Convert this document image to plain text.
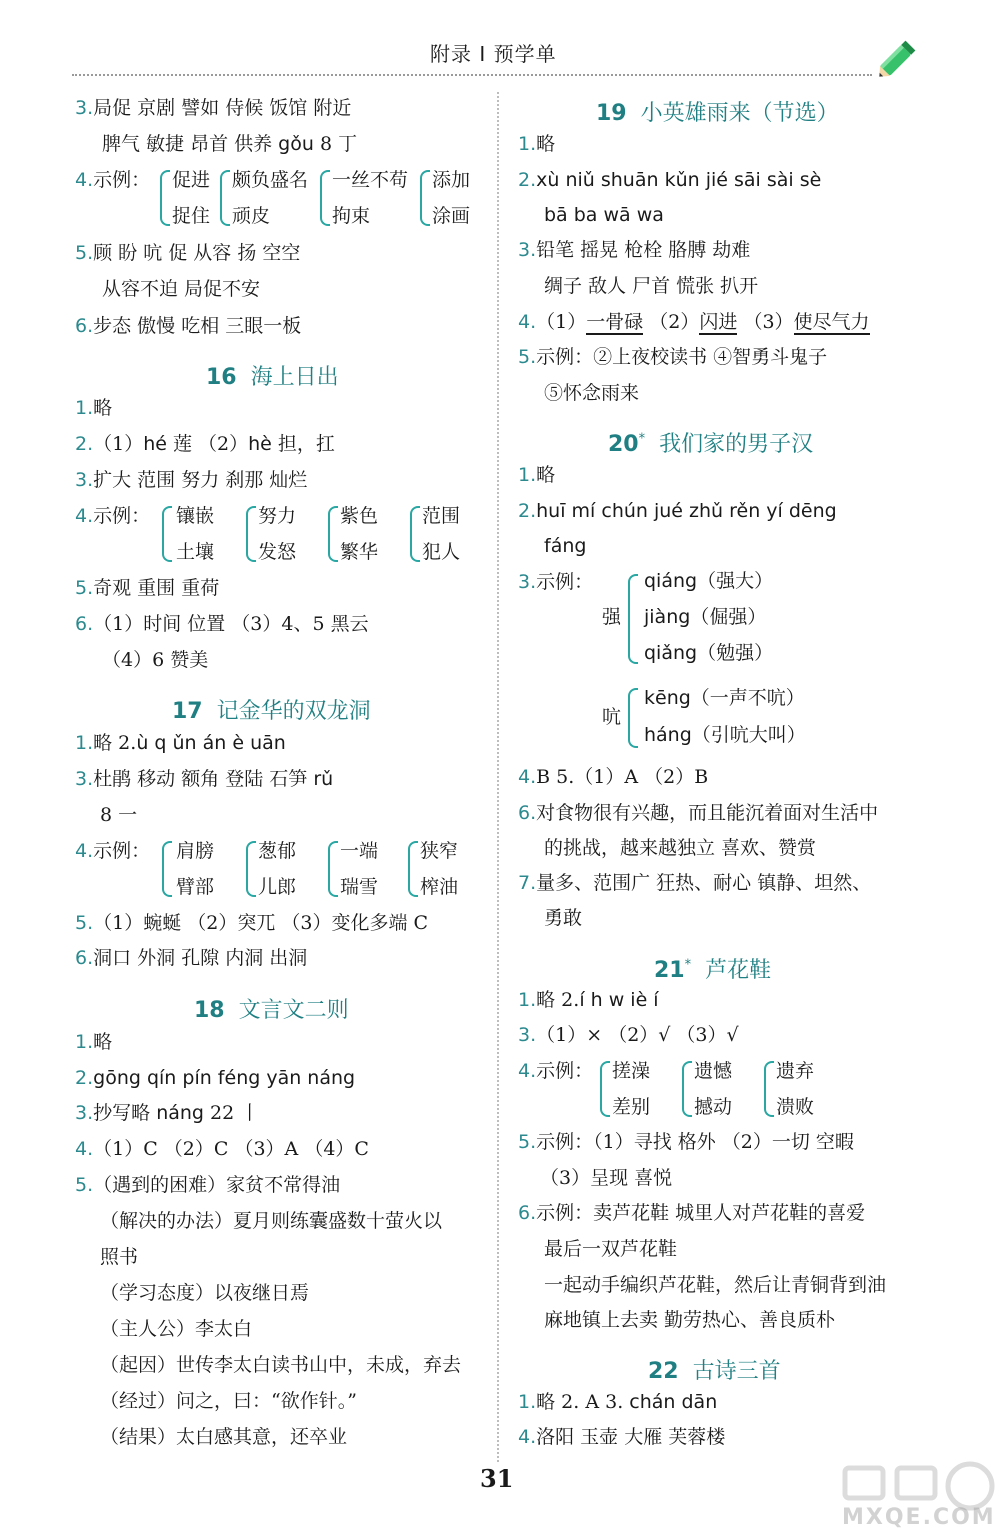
附录 I 预学单
3.局促 京剧 譬如 侍候 饭馆 附近
脾气 敏捷 昂首 供养 gǒu 8 丁
4.示例： 促进
捉住
颇负盛名
顽皮
一丝不苟
拘束
添加
涂画
5.顾 盼 吭 促 从容 扬 空空
从容不迫 局促不安
6.步态 傲慢 吃相 三眼一板
16 海上日出
1.略
2.（1）hé 莲 （2）hè 担，扛
3.扩大 范围 努力 刹那 灿烂
4.示例： 镶嵌
土壤
努力
发怒
紫色
繁华
范围
犯人
5.奇观 重围 重荷
6.（1）时间 位置 （3）4、5 黑云
（4）6 赞美
17 记金华的双龙洞
1.略 2.ù q ǔn án è uān
3.杜鹃 移动 额角 登陆 石笋 rǔ
8 一
4.示例： 肩膀
臂部
葱郁
儿郎
一端
瑞雪
狭窄
榨油
5.（1）蜿蜒 （2）突兀 （3）变化多端 C
6.洞口 外洞 孔隙 内洞 出洞
18 文言文二则
1.略
2.gōng qín pín féng yān náng
3.抄写略 náng 22 丨
4.（1）C （2）C （3）A （4）C
5.（遇到的困难）家贫不常得油
（解决的办法）夏月则练囊盛数十萤火以
照书
（学习态度）以夜继日焉
（主人公）李太白
（起因）世传李太白读书山中，未成，弃去
（经过）问之，曰：“欲作针。”
（结果）太白感其意，还卒业
19 小英雄雨来（节选）
1.略
2.xù niǔ shuān kǔn jié sāi sài sè
bā ba wā wa
3.铅笔 摇晃 枪栓 胳膊 劫难
绸子 敌人 尸首 慌张 扒开
4.（1）一骨碌 （2）闪进 （3）使尽气力
5.示例：②上夜校读书 ④智勇斗鬼子
⑤怀念雨来
20* 我们家的男子汉
1.略
2.huī mí chún jué zhǔ rěn yí dēng
fáng
3.示例：
强
qiáng（强大）
jiàng（倔强）
qiǎng（勉强）
吭
kēng（一声不吭）
háng（引吭大叫）
4.B 5.（1）A （2）B
6.对食物很有兴趣，而且能沉着面对生活中
的挑战，越来越独立 喜欢、赞赏
7.量多、范围广 狂热、耐心 镇静、坦然、
勇敢
21* 芦花鞋
1.略 2.í h w iè í
3.（1）× （2）√ （3）√
4.示例： 搓澡
差别
遗憾
撼动
遗弃
溃败
5.示例：（1）寻找 格外 （2）一切 空暇
（3）呈现 喜悦
6.示例：卖芦花鞋 城里人对芦花鞋的喜爱
最后一双芦花鞋
一起动手编织芦花鞋，然后让青铜背到油
麻地镇上去卖 勤劳热心、善良质朴
22 古诗三首
1.略 2. A 3. chán dān
4.洛阳 玉壶 大雁 芙蓉楼
31
MXQE.COM
